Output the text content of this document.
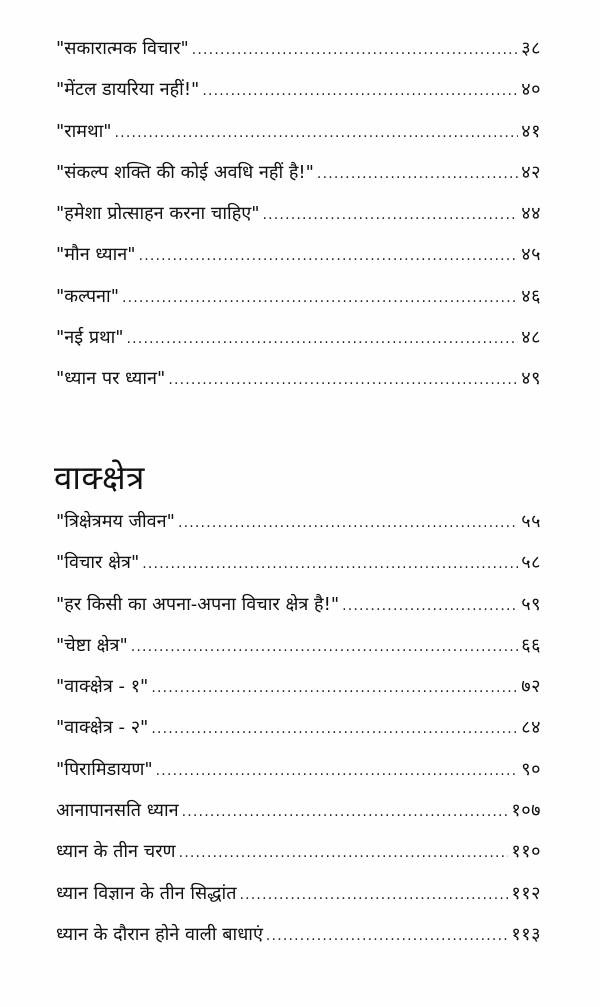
"सकारात्मक विचार" .....	३८
"मेंटल डायरिया नहीं!" .....	४०
"रामथा" .....	४१
"संकल्प शक्ति की कोई अवधि नहीं है!" .....	४२
"हमेशा प्रोत्साहन करना चाहिए" .....	४४
"मौन ध्यान" .....	४५
"कल्पना" .....	४६
"नई प्रथा" .....	४८
"ध्यान पर ध्यान" .....	४९
वाक्क्षेत्र
"त्रिक्षेत्रमय जीवन" .....	५५
"विचार क्षेत्र" .....	५८
"हर किसी का अपना-अपना विचार क्षेत्र है!" .....	५९
"चेष्टा क्षेत्र" .....	६६
"वाक्क्षेत्र - १" .....	७२
"वाक्क्षेत्र - २" .....	८४
"पिरामिडायण" .....	९०
आनापानसति ध्यान .....	१०७
ध्यान के तीन चरण .....	११०
ध्यान विज्ञान के तीन सिद्धांत .....	११२
ध्यान के दौरान होने वाली बाधाएं .....	११३
